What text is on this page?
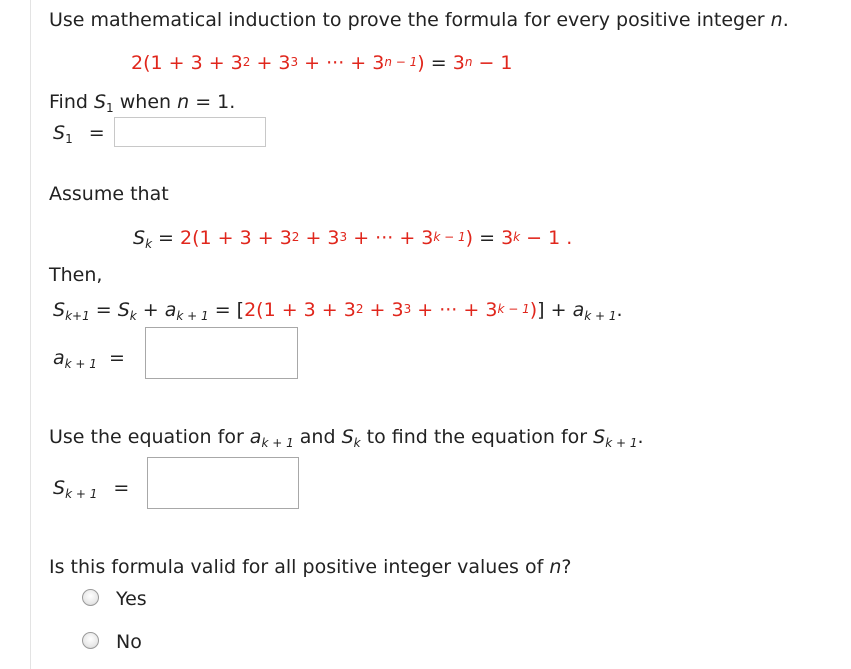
Use mathematical induction to prove the formula for every positive integer n.
$2(1 + 3 + 3^2 + 3^3$ + ··· + $3^{n - 1}) = 3^n - 1$
Find $S_1$ when n = 1.
$S_1$ =
Assume that
$S_k = 2(1 + 3 + 3^2 + 3^3$ + ··· + $3^{k - 1}) = 3^k - 1$ .
Then,
$S_{k+1} = S_k + a_{k + 1} = [2(1 + 3 + 3^2 + 3^3$ + ··· + $3^{k - 1})] + a_{k + 1}$.
$a_{k + 1}$ =
Use the equation for $a_{k + 1}$ and $S_k$ to find the equation for $S_{k + 1}$.
$S_{k + 1}$ =
Is this formula valid for all positive integer values of n?
Yes
No
